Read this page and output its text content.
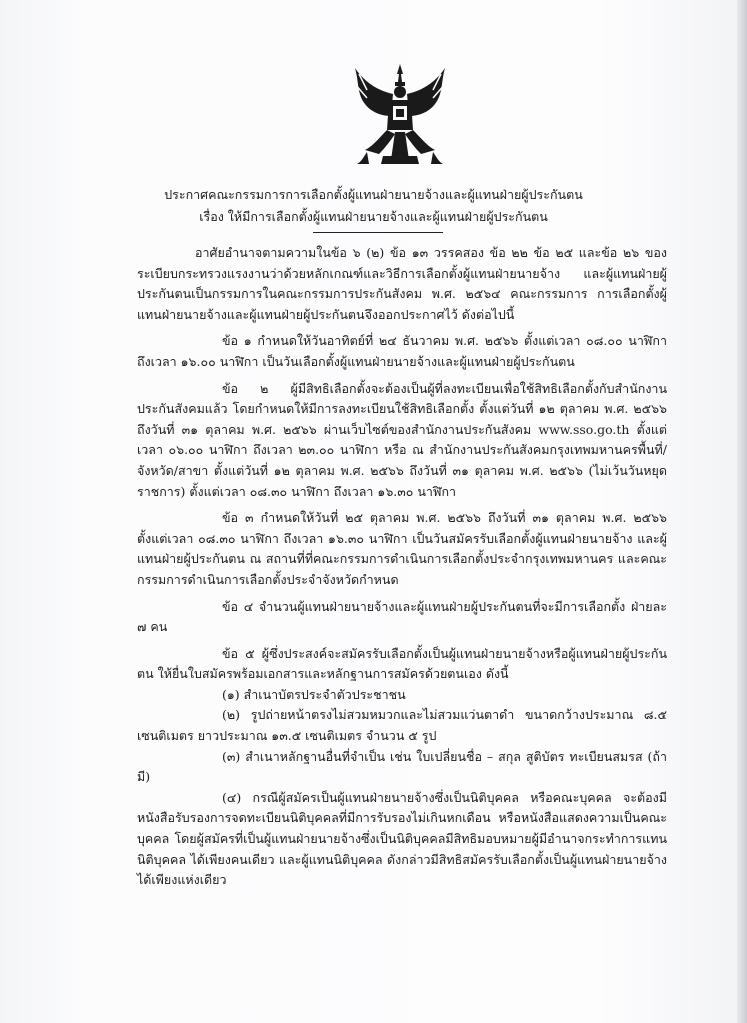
ประกาศคณะกรรมการการเลือกตั้งผู้แทนฝ่ายนายจ้างและผู้แทนฝ่ายผู้ประกันตน
เรื่อง ให้มีการเลือกตั้งผู้แทนฝ่ายนายจ้างและผู้แทนฝ่ายผู้ประกันตน

อาศัยอำนาจตามความในข้อ ๖ (๒) ข้อ ๑๓ วรรคสอง ข้อ ๒๒ ข้อ ๒๕ และข้อ ๒๖ ของระเบียบกระทรวงแรงงานว่าด้วยหลักเกณฑ์และวิธีการเลือกตั้งผู้แทนฝ่ายนายจ้าง และผู้แทนฝ่ายผู้ประกันตนเป็นกรรมการในคณะกรรมการประกันสังคม พ.ศ. ๒๕๖๔ คณะกรรมการ การเลือกตั้งผู้แทนฝ่ายนายจ้างและผู้แทนฝ่ายผู้ประกันตนจึงออกประกาศไว้ ดังต่อไปนี้

ข้อ ๑ กำหนดให้วันอาทิตย์ที่ ๒๔ ธันวาคม พ.ศ. ๒๕๖๖ ตั้งแต่เวลา ๐๘.๐๐ นาฬิกา ถึงเวลา ๑๖.๐๐ นาฬิกา เป็นวันเลือกตั้งผู้แทนฝ่ายนายจ้างและผู้แทนฝ่ายผู้ประกันตน

ข้อ ๒ ผู้มีสิทธิเลือกตั้งจะต้องเป็นผู้ที่ลงทะเบียนเพื่อใช้สิทธิเลือกตั้งกับสำนักงานประกันสังคมแล้ว โดยกำหนดให้มีการลงทะเบียนใช้สิทธิเลือกตั้ง ตั้งแต่วันที่ ๑๒ ตุลาคม พ.ศ. ๒๕๖๖ ถึงวันที่ ๓๑ ตุลาคม พ.ศ. ๒๕๖๖ ผ่านเว็บไซต์ของสำนักงานประกันสังคม www.sso.go.th ตั้งแต่เวลา ๐๖.๐๐ นาฬิกา ถึงเวลา ๒๓.๐๐ นาฬิกา หรือ ณ สำนักงานประกันสังคมกรุงเทพมหานครพื้นที่/จังหวัด/สาขา ตั้งแต่วันที่ ๑๒ ตุลาคม พ.ศ. ๒๕๖๖ ถึงวันที่ ๓๑ ตุลาคม พ.ศ. ๒๕๖๖ (ไม่เว้นวันหยุดราชการ) ตั้งแต่เวลา ๐๘.๓๐ นาฬิกา ถึงเวลา ๑๖.๓๐ นาฬิกา

ข้อ ๓ กำหนดให้วันที่ ๒๕ ตุลาคม พ.ศ. ๒๕๖๖ ถึงวันที่ ๓๑ ตุลาคม พ.ศ. ๒๕๖๖ ตั้งแต่เวลา ๐๘.๓๐ นาฬิกา ถึงเวลา ๑๖.๓๐ นาฬิกา เป็นวันสมัครรับเลือกตั้งผู้แทนฝ่ายนายจ้าง และผู้แทนฝ่ายผู้ประกันตน ณ สถานที่ที่คณะกรรมการดำเนินการเลือกตั้งประจำกรุงเทพมหานคร และคณะกรรมการดำเนินการเลือกตั้งประจำจังหวัดกำหนด

ข้อ ๔ จำนวนผู้แทนฝ่ายนายจ้างและผู้แทนฝ่ายผู้ประกันตนที่จะมีการเลือกตั้ง ฝ่ายละ ๗ คน

ข้อ ๕ ผู้ซึ่งประสงค์จะสมัครรับเลือกตั้งเป็นผู้แทนฝ่ายนายจ้างหรือผู้แทนฝ่ายผู้ประกันตน ให้ยื่นใบสมัครพร้อมเอกสารและหลักฐานการสมัครด้วยตนเอง ดังนี้

(๑) สำเนาบัตรประจำตัวประชาชน

(๒) รูปถ่ายหน้าตรงไม่สวมหมวกและไม่สวมแว่นตาดำ ขนาดกว้างประมาณ ๘.๕ เซนติเมตร ยาวประมาณ ๑๓.๕ เซนติเมตร จำนวน ๕ รูป

(๓) สำเนาหลักฐานอื่นที่จำเป็น เช่น ใบเปลี่ยนชื่อ – สกุล สูติบัตร ทะเบียนสมรส (ถ้ามี)

(๔) กรณีผู้สมัครเป็นผู้แทนฝ่ายนายจ้างซึ่งเป็นนิติบุคคล หรือคณะบุคคล จะต้องมีหนังสือรับรองการจดทะเบียนนิติบุคคลที่มีการรับรองไม่เกินหกเดือน หรือหนังสือแสดงความเป็นคณะบุคคล โดยผู้สมัครที่เป็นผู้แทนฝ่ายนายจ้างซึ่งเป็นนิติบุคคลมีสิทธิมอบหมายผู้มีอำนาจกระทำการแทนนิติบุคคล ได้เพียงคนเดียว และผู้แทนนิติบุคคล ดังกล่าวมีสิทธิสมัครรับเลือกตั้งเป็นผู้แทนฝ่ายนายจ้างได้เพียงแห่งเดียว
